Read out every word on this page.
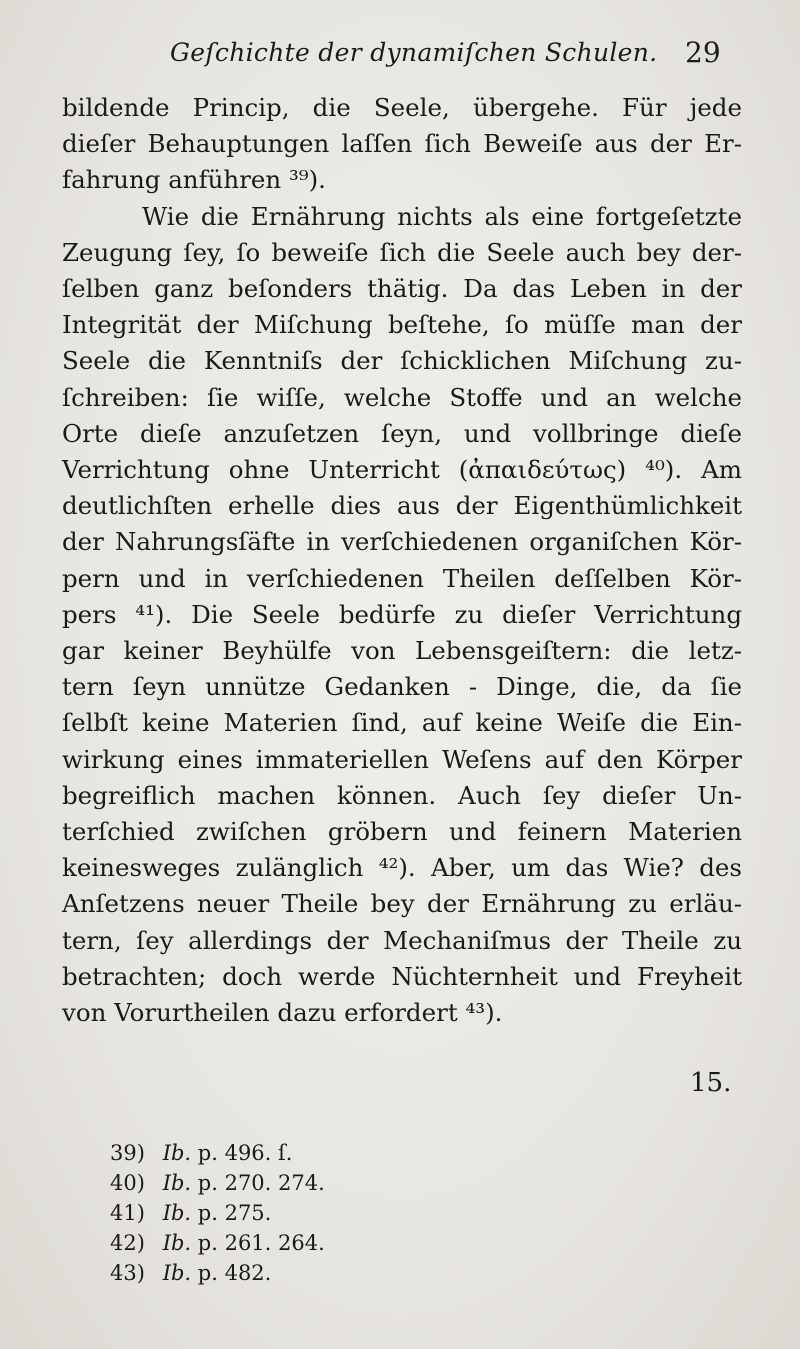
Geſchichte der dynamiſchen Schulen. 29
bildende Princip, die Seele, übergehe. Für jede
dieſer Behauptungen laſſen ſich Beweiſe aus der Er-
fahrung anführen ³⁹).
Wie die Ernährung nichts als eine fortgeſetzte
Zeugung ſey, ſo beweiſe ſich die Seele auch bey der-
ſelben ganz beſonders thätig. Da das Leben in der
Integrität der Miſchung beſtehe, ſo müſſe man der
Seele die Kenntniſs der ſchicklichen Miſchung zu-
ſchreiben: ſie wiſſe, welche Stoffe und an welche
Orte dieſe anzuſetzen ſeyn, und vollbringe dieſe
Verrichtung ohne Unterricht (ἀπαιδεύτως) ⁴⁰). Am
deutlichſten erhelle dies aus der Eigenthümlichkeit
der Nahrungsſäfte in verſchiedenen organiſchen Kör-
pern und in verſchiedenen Theilen deſſelben Kör-
pers ⁴¹). Die Seele bedürfe zu dieſer Verrichtung
gar keiner Beyhülfe von Lebensgeiſtern: die letz-
tern ſeyn unnütze Gedanken - Dinge, die, da ſie
ſelbſt keine Materien ſind, auf keine Weiſe die Ein-
wirkung eines immateriellen Weſens auf den Körper
begreiflich machen können. Auch ſey dieſer Un-
terſchied zwiſchen gröbern und feinern Materien
keinesweges zulänglich ⁴²). Aber, um das Wie? des
Anſetzens neuer Theile bey der Ernährung zu erläu-
tern, ſey allerdings der Mechaniſmus der Theile zu
betrachten; doch werde Nüchternheit und Freyheit
von Vorurtheilen dazu erfordert ⁴³).
15.
39) Ib. p. 496. ſ.
40) Ib. p. 270. 274.
41) Ib. p. 275.
42) Ib. p. 261. 264.
43) Ib. p. 482.
